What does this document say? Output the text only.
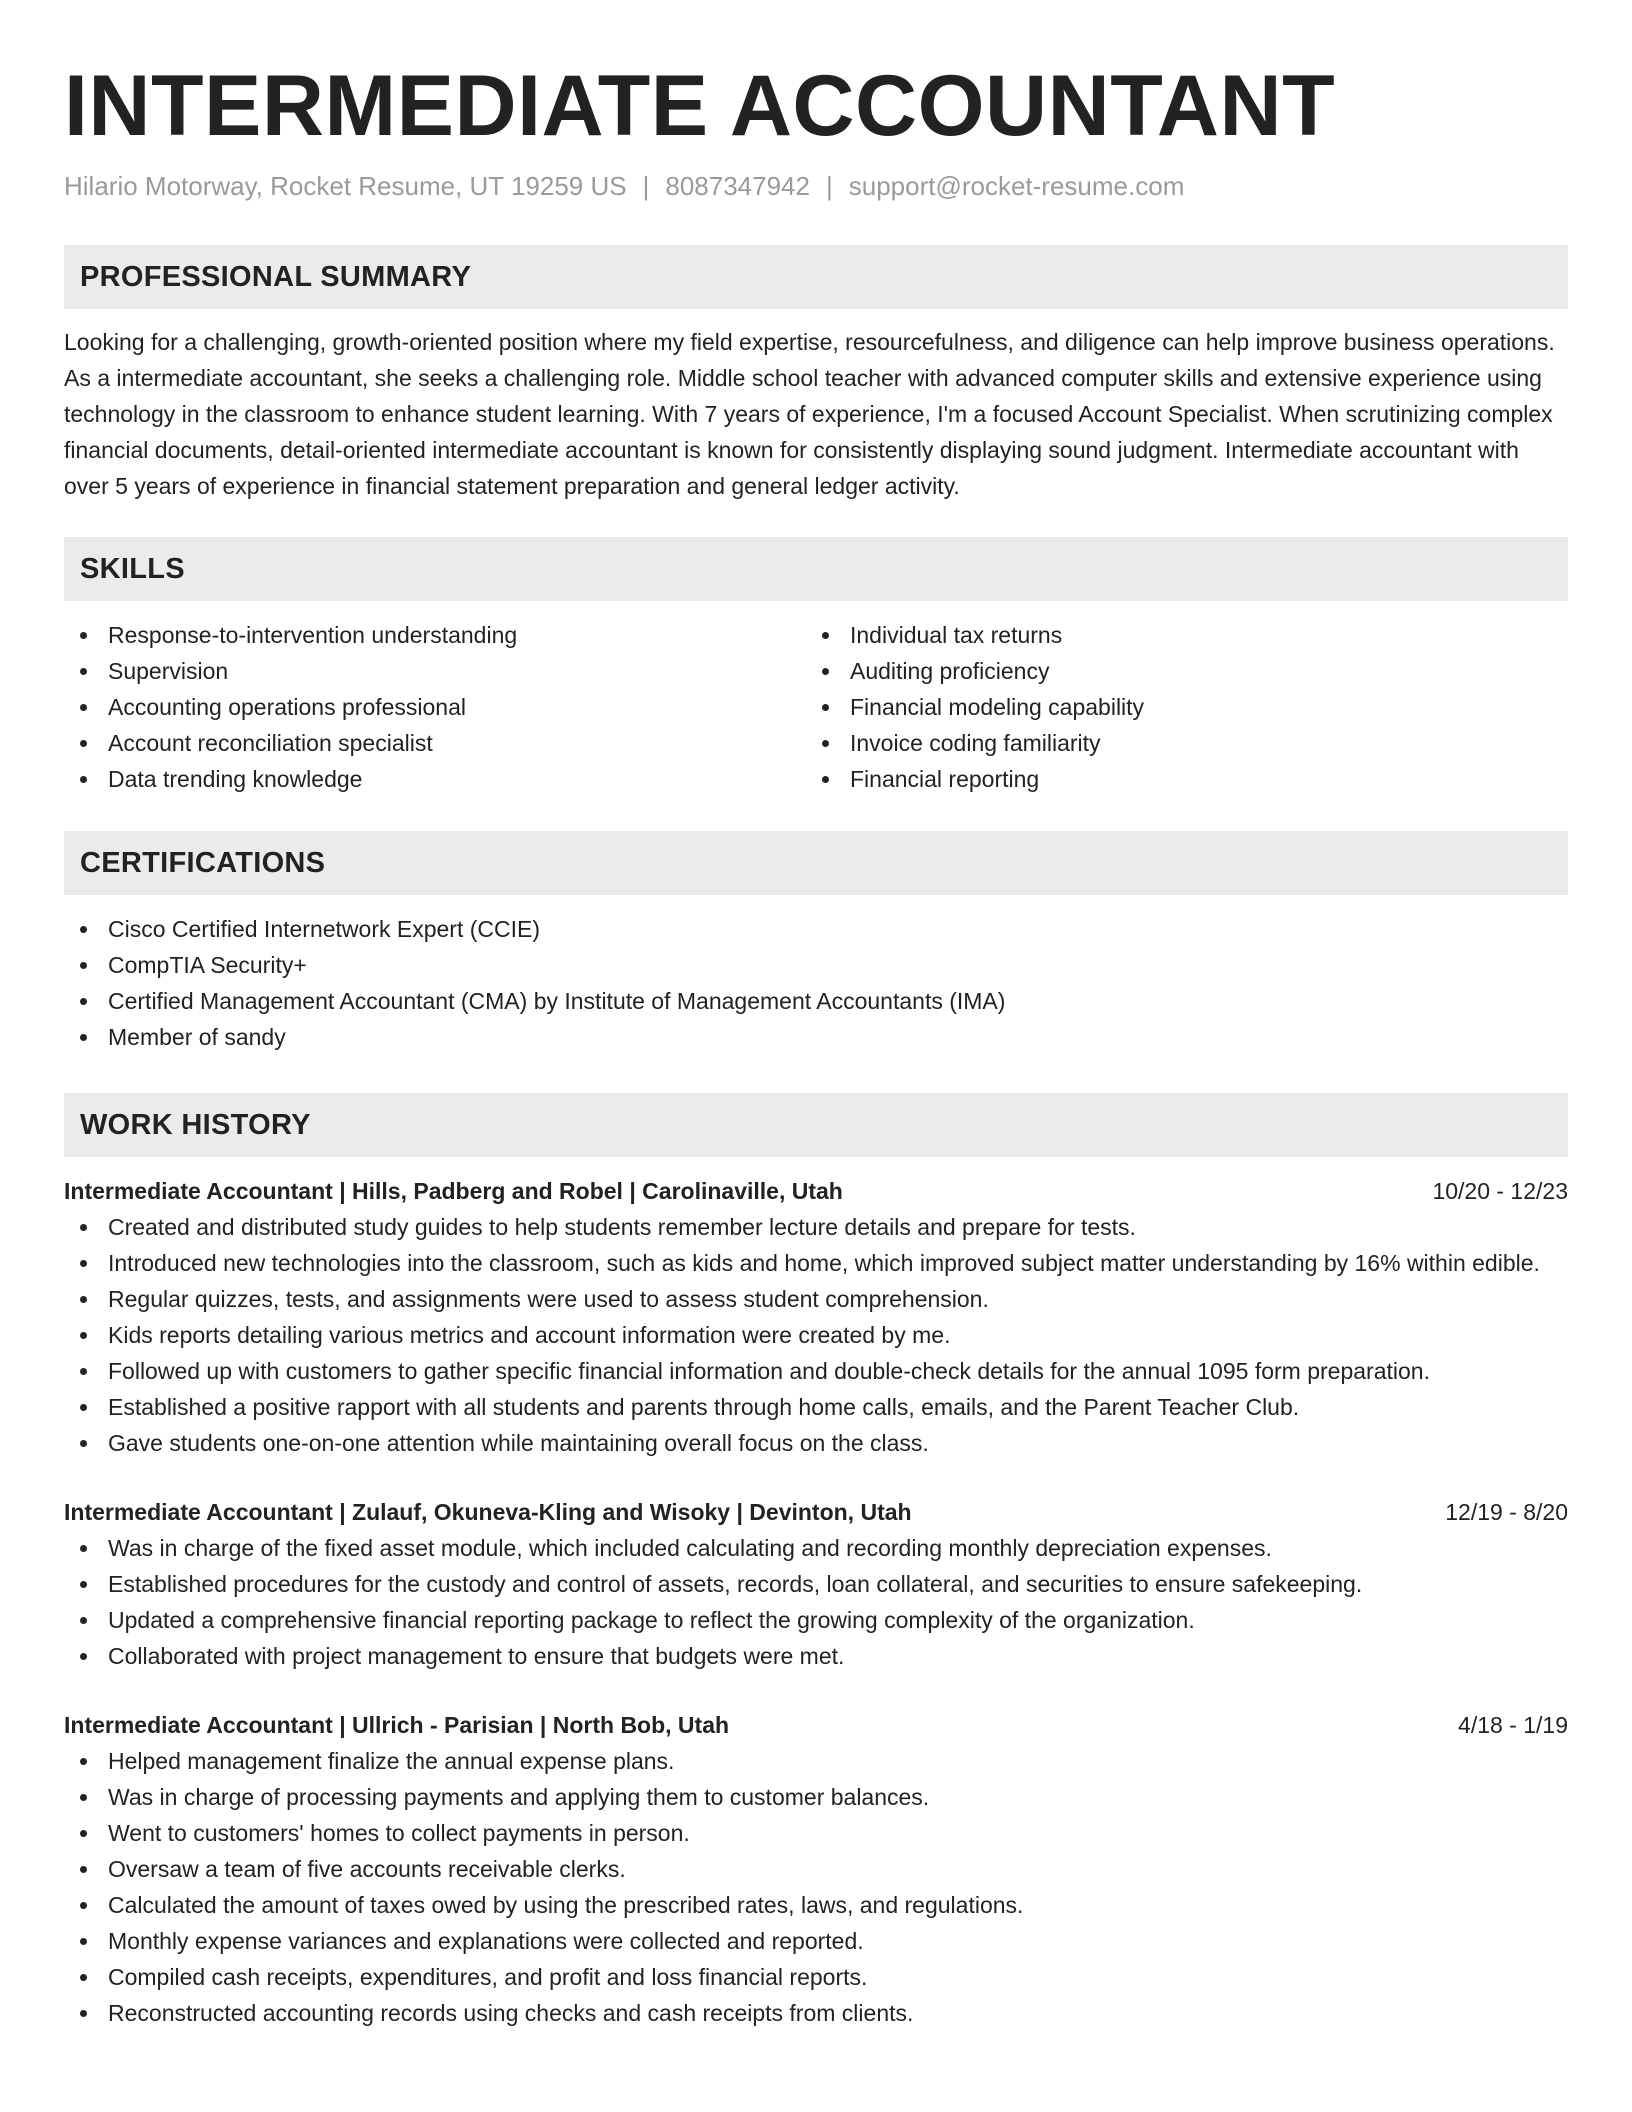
INTERMEDIATE ACCOUNTANT
Hilario Motorway, Rocket Resume, UT 19259 US | 8087347942 | support@rocket-resume.com
PROFESSIONAL SUMMARY
Looking for a challenging, growth-oriented position where my field expertise, resourcefulness, and diligence can help improve business operations. As a intermediate accountant, she seeks a challenging role. Middle school teacher with advanced computer skills and extensive experience using technology in the classroom to enhance student learning. With 7 years of experience, I'm a focused Account Specialist. When scrutinizing complex financial documents, detail-oriented intermediate accountant is known for consistently displaying sound judgment. Intermediate accountant with over 5 years of experience in financial statement preparation and general ledger activity.
SKILLS
Response-to-intervention understanding
Supervision
Accounting operations professional
Account reconciliation specialist
Data trending knowledge
Individual tax returns
Auditing proficiency
Financial modeling capability
Invoice coding familiarity
Financial reporting
CERTIFICATIONS
Cisco Certified Internetwork Expert (CCIE)
CompTIA Security+
Certified Management Accountant (CMA) by Institute of Management Accountants (IMA)
Member of sandy
WORK HISTORY
Intermediate Accountant | Hills, Padberg and Robel | Carolinaville, Utah	10/20 - 12/23
Created and distributed study guides to help students remember lecture details and prepare for tests.
Introduced new technologies into the classroom, such as kids and home, which improved subject matter understanding by 16% within edible.
Regular quizzes, tests, and assignments were used to assess student comprehension.
Kids reports detailing various metrics and account information were created by me.
Followed up with customers to gather specific financial information and double-check details for the annual 1095 form preparation.
Established a positive rapport with all students and parents through home calls, emails, and the Parent Teacher Club.
Gave students one-on-one attention while maintaining overall focus on the class.
Intermediate Accountant | Zulauf, Okuneva-Kling and Wisoky | Devinton, Utah	12/19 - 8/20
Was in charge of the fixed asset module, which included calculating and recording monthly depreciation expenses.
Established procedures for the custody and control of assets, records, loan collateral, and securities to ensure safekeeping.
Updated a comprehensive financial reporting package to reflect the growing complexity of the organization.
Collaborated with project management to ensure that budgets were met.
Intermediate Accountant | Ullrich - Parisian | North Bob, Utah	4/18 - 1/19
Helped management finalize the annual expense plans.
Was in charge of processing payments and applying them to customer balances.
Went to customers' homes to collect payments in person.
Oversaw a team of five accounts receivable clerks.
Calculated the amount of taxes owed by using the prescribed rates, laws, and regulations.
Monthly expense variances and explanations were collected and reported.
Compiled cash receipts, expenditures, and profit and loss financial reports.
Reconstructed accounting records using checks and cash receipts from clients.
